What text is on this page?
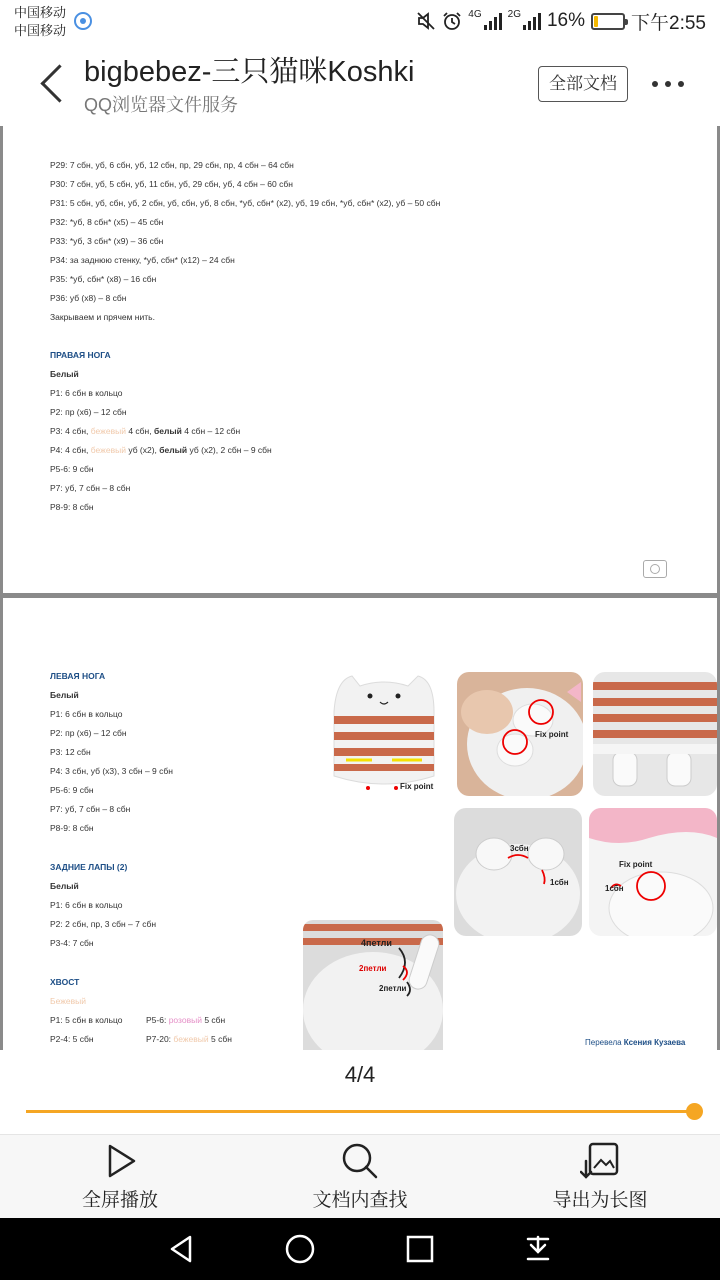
中国移动
中国移动
4G	2G 16% 下午2:55
bigbebez-三只猫咪Koshki
QQ浏览器文件服务
全部文档
Р29: 7 сбн, уб, 6 сбн, уб, 12 сбн, пр, 29 сбн, пр, 4 сбн – 64 сбн
Р30: 7 сбн, уб, 5 сбн, уб, 11 сбн, уб, 29 сбн, уб, 4 сбн – 60 сбн
Р31: 5 сбн, уб, сбн, уб, 2 сбн, уб, сбн, уб, 8 сбн, *уб, сбн* (х2), уб, 19 сбн, *уб, сбн* (х2), уб – 50 сбн
Р32: *уб, 8 сбн* (х5) – 45 сбн
Р33: *уб, 3 сбн* (х9) – 36 сбн
Р34: за заднюю стенку, *уб, сбн* (х12) – 24 сбн
Р35: *уб, сбн* (х8) – 16 сбн
Р36: уб (х8) – 8 сбн
Закрываем и прячем нить.
ПРАВАЯ НОГА
Белый
Р1: 6 сбн в кольцо
Р2: пр (х6) – 12 сбн
Р3: 4 сбн, бежевый 4 сбн, белый 4 сбн – 12 сбн
Р4: 4 сбн, бежевый уб (х2), белый уб (х2), 2 сбн – 9 сбн
Р5-6: 9 сбн
Р7: уб, 7 сбн – 8 сбн
Р8-9: 8 сбн
ЛЕВАЯ НОГА
Белый
Р1: 6 сбн в кольцо
Р2: пр (х6) – 12 сбн
Р3: 12 сбн
Р4: 3 сбн, уб (х3), 3 сбн – 9 сбн
Р5-6: 9 сбн
Р7: уб, 7 сбн – 8 сбн
Р8-9: 8 сбн
ЗАДНИЕ ЛАПЫ (2)
Белый
Р1: 6 сбн в кольцо
Р2: 2 сбн, пр, 3 сбн – 7 сбн
Р3-4: 7 сбн
ХВОСТ
Бежевый
Р1: 5 сбн в кольцо
Р2-4: 5 сбн
Р5-6: розовый 5 сбн
Р7-20: бежевый 5 сбн
Fix point
Fix point
3сбн
1сбн
Fix point
1сбн
4петли
2петли
2петли
Перевела Ксения Кузаева
4/4
全屏播放	文档内查找	导出为长图
